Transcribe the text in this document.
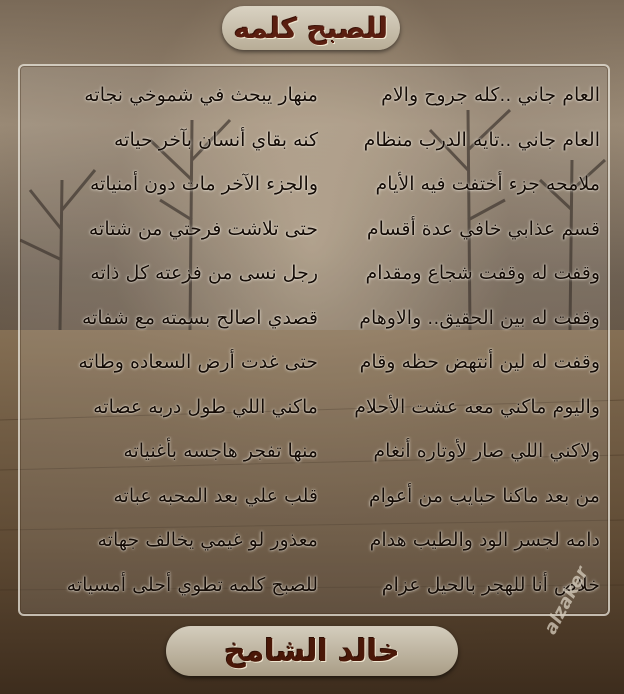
للصبح كلمه
العام جاني ..كله جروح والام
العام جاني ..تايه الدرب منظام
ملامحه جزء أختفت فيه الأيام
قسم عذابي خافي عدة أقسام
وقفت له وقفت شجاع ومقدام
وقفت له بين الحقيق.. والاوهام
وقفت له لين أنتهض حظه وقام
واليوم ماكني معه عشت الأحلام
ولاكني اللي صار لأوتاره أنغام
من بعد ماكنا حبايب من أعوام
دامه لجسر الود والطيب هدام
خلاص أنا للهجر بالحيل عزام
منهار يبحث في شموخي نجاته
كنه بقاي أنسان بآخر حياته
والجزء الآخر مات دون أمنياته
حتى تلاشت فرحتي من شتاته
رجل نسى من فزعته كل ذاته
قصدي اصالح بسمته مع شفاته
حتى غدت أرض السعاده وطاته
ماكني اللي طول دربه عصاته
منها تفجر هاجسه بأغنياته
قلب علي بعد المحبه عباته
معذور لو غيمي يخالف جهاته
للصبح كلمه تطوي أحلى أمسياته
خالد الشامخ
alzaker
